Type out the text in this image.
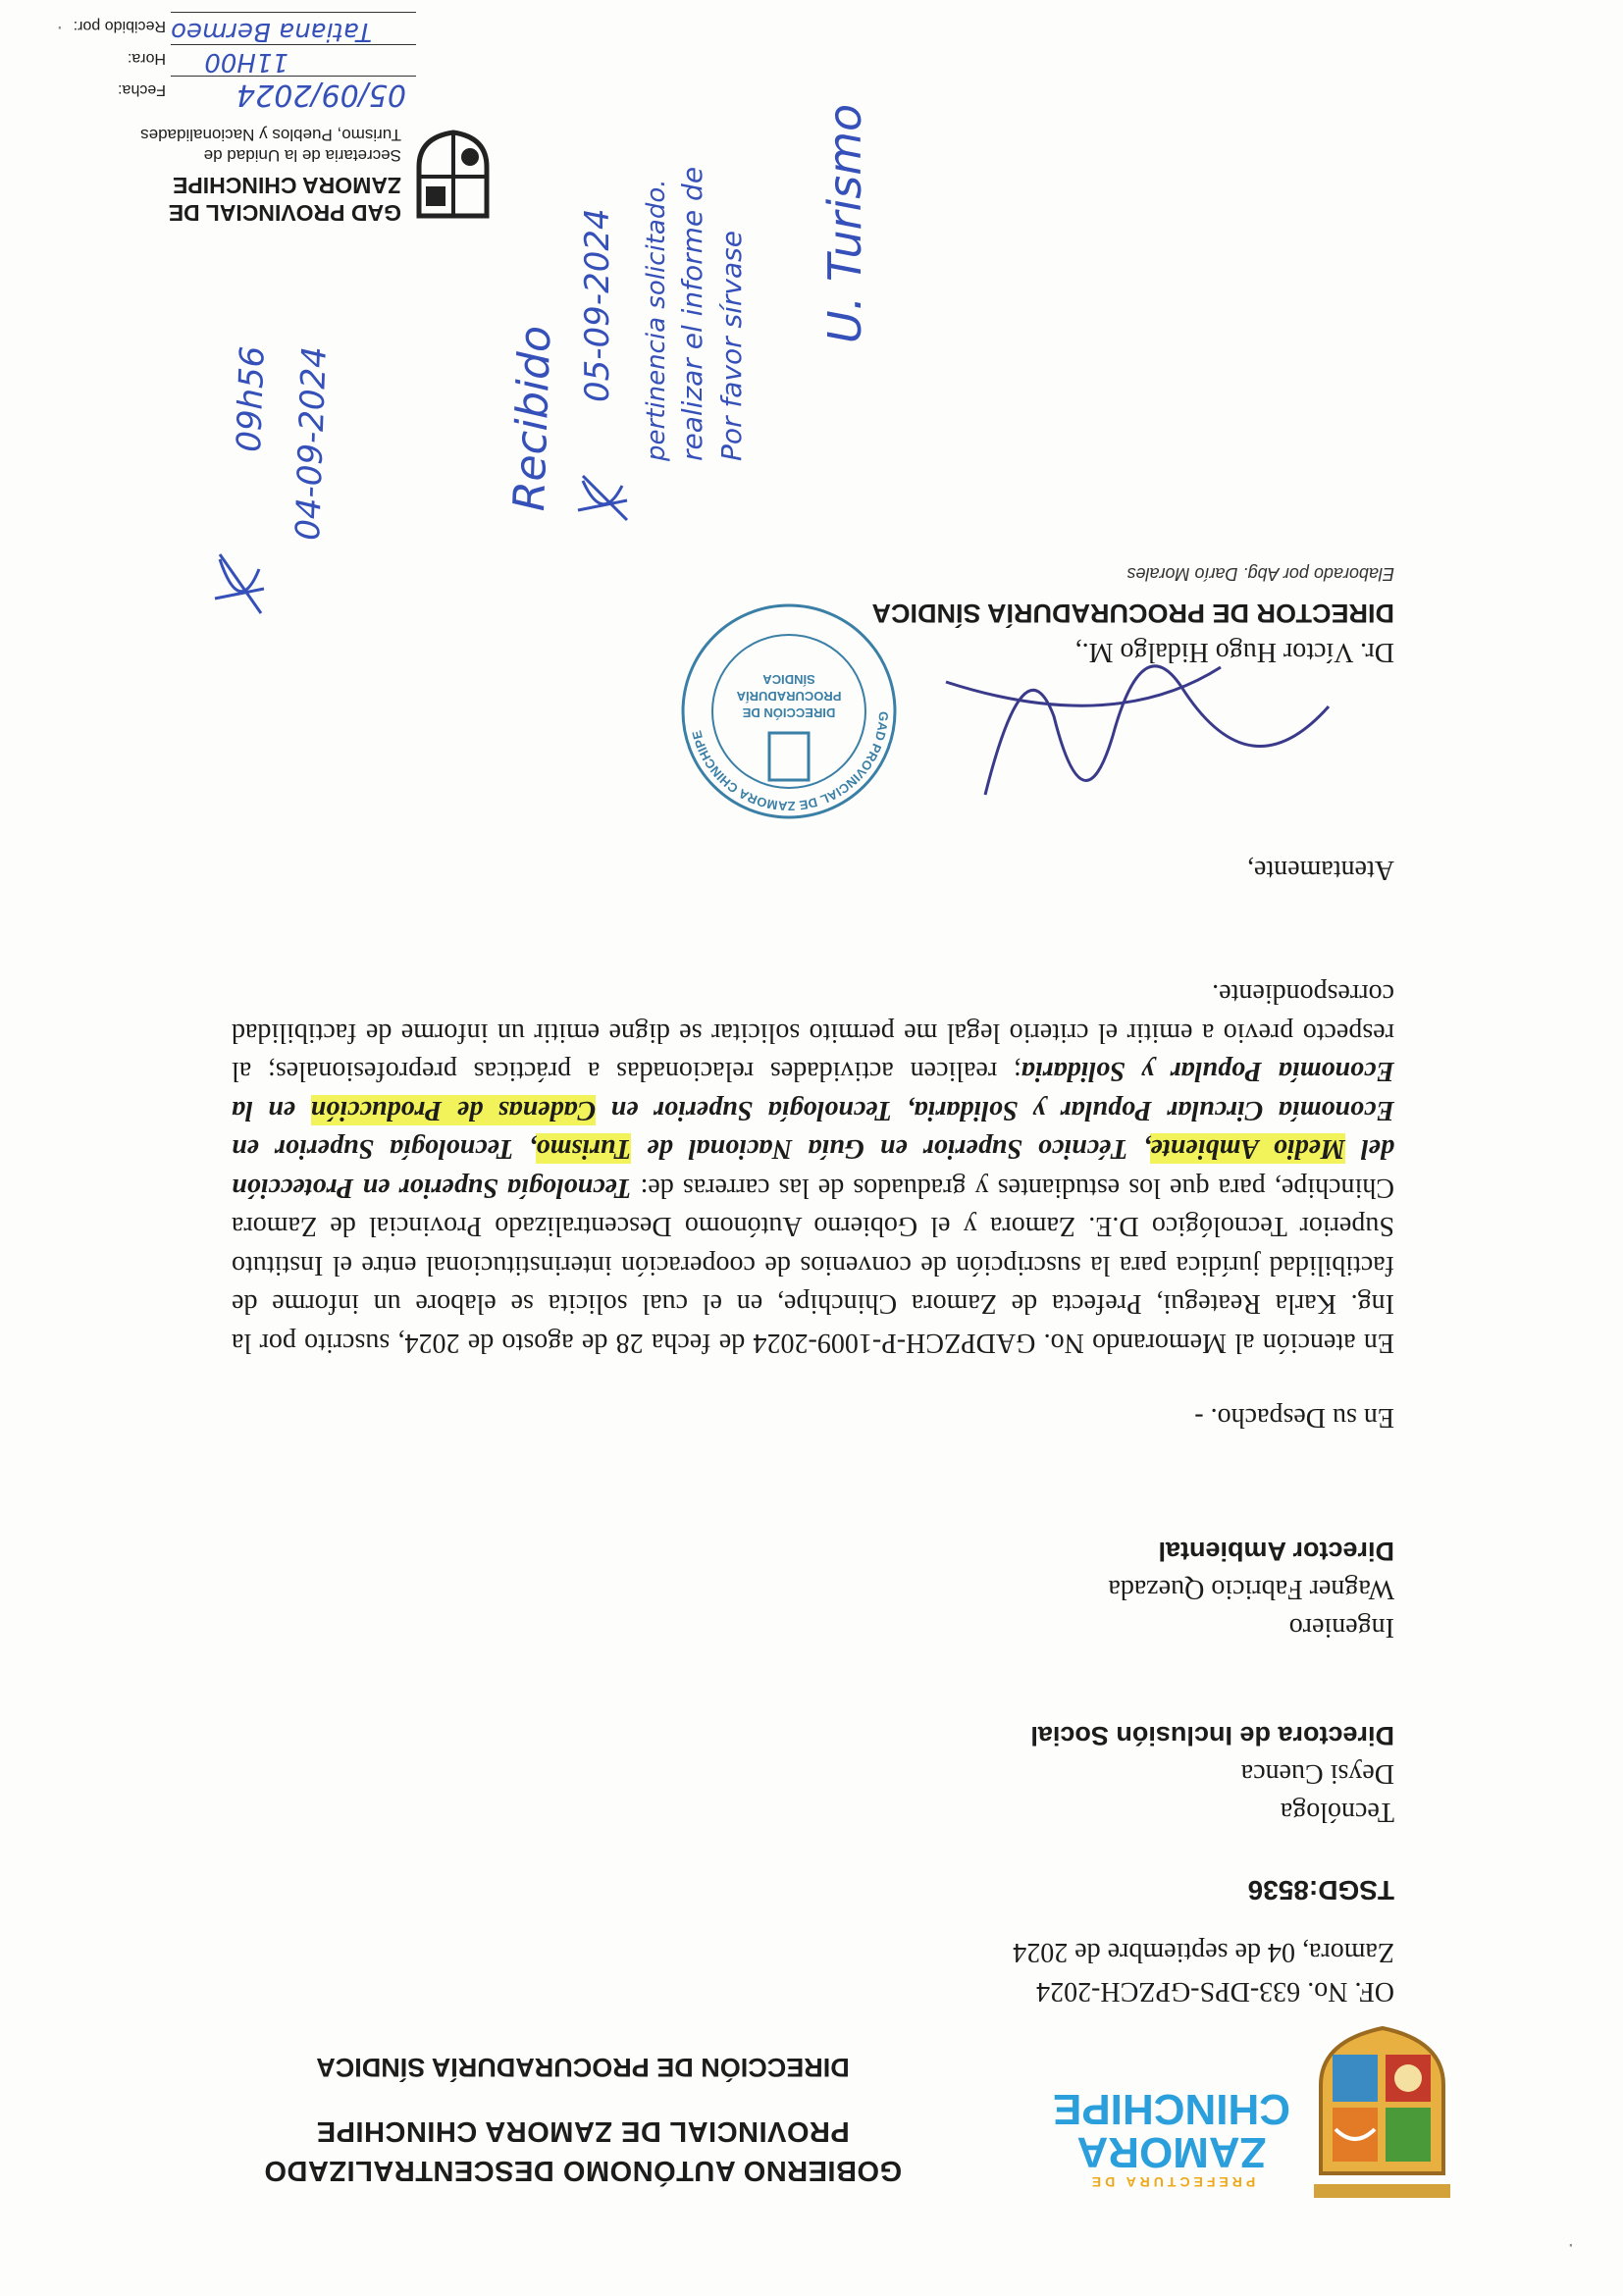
PREFECTURA DE
ZAMORA
CHINCHIPE
GOBIERNO AUTÓNOMO DESCENTRALIZADO
PROVINCIAL DE ZAMORA CHINCHIPE
DIRECCIÓN DE PROCURADURÍA SÍNDICA
OF. No. 633-DPS-GPZCH-2024
Zamora, 04 de septiembre de 2024
TSGD:8536
Tecnóloga
Deysi Cuenca
Directora de Inclusión Social
Ingeniero
Wagner Fabricio Quezada
Director Ambiental
En su Despacho. -

En atención al Memorando No. GADPZCH-P-1009-2024 de fecha 28 de agosto de 2024, suscrito por la Ing. Karla Reategui, Prefecta de Zamora Chinchipe, en el cual solicita se elabore un informe de factibilidad jurídica para la suscripción de convenios de cooperación interinstitucional entre el Instituto Superior Tecnológico D.E. Zamora y el Gobierno Autónomo Descentralizado Provincial de Zamora Chinchipe, para que los estudiantes y graduados de las carreras de: Tecnología Superior en Protección del Medio Ambiente, Técnico Superior en Guía Nacional de Turismo, Tecnología Superior en Economía Circular Popular y Solidaria, Tecnología Superior en Cadenas de Producción en la Economía Popular y Solidaria; realicen actividades relacionadas a prácticas preprofesionales; al respecto previo a emitir el criterio legal me permito solicitar se digne emitir un informe de factibilidad correspondiente.

Atentamente,
GAD PROVINCIAL DE ZAMORA CHINCHIPE
DIRECCIÓN DE
PROCURADURÍA
SÍNDICA
Dr. Víctor Hugo Hidalgo M.,
DIRECTOR DE PROCURADURÍA SÍNDICA
Elaborado por Abg. Darío Morales
Recibido
04-09-2024
09h56
U. Turismo
Por favor sírvase
realizar el informe de
pertinencia solicitado.
05-09-2024
GAD PROVINCIAL DE
ZAMORA CHINCHIPE
Secretaria de la Unidad de
Turismo, Pueblos y Nacionalidades
Fecha:
Hora:
Recibido por:
05/09/2024
11H00
Tatiana Bermeo
·
·
